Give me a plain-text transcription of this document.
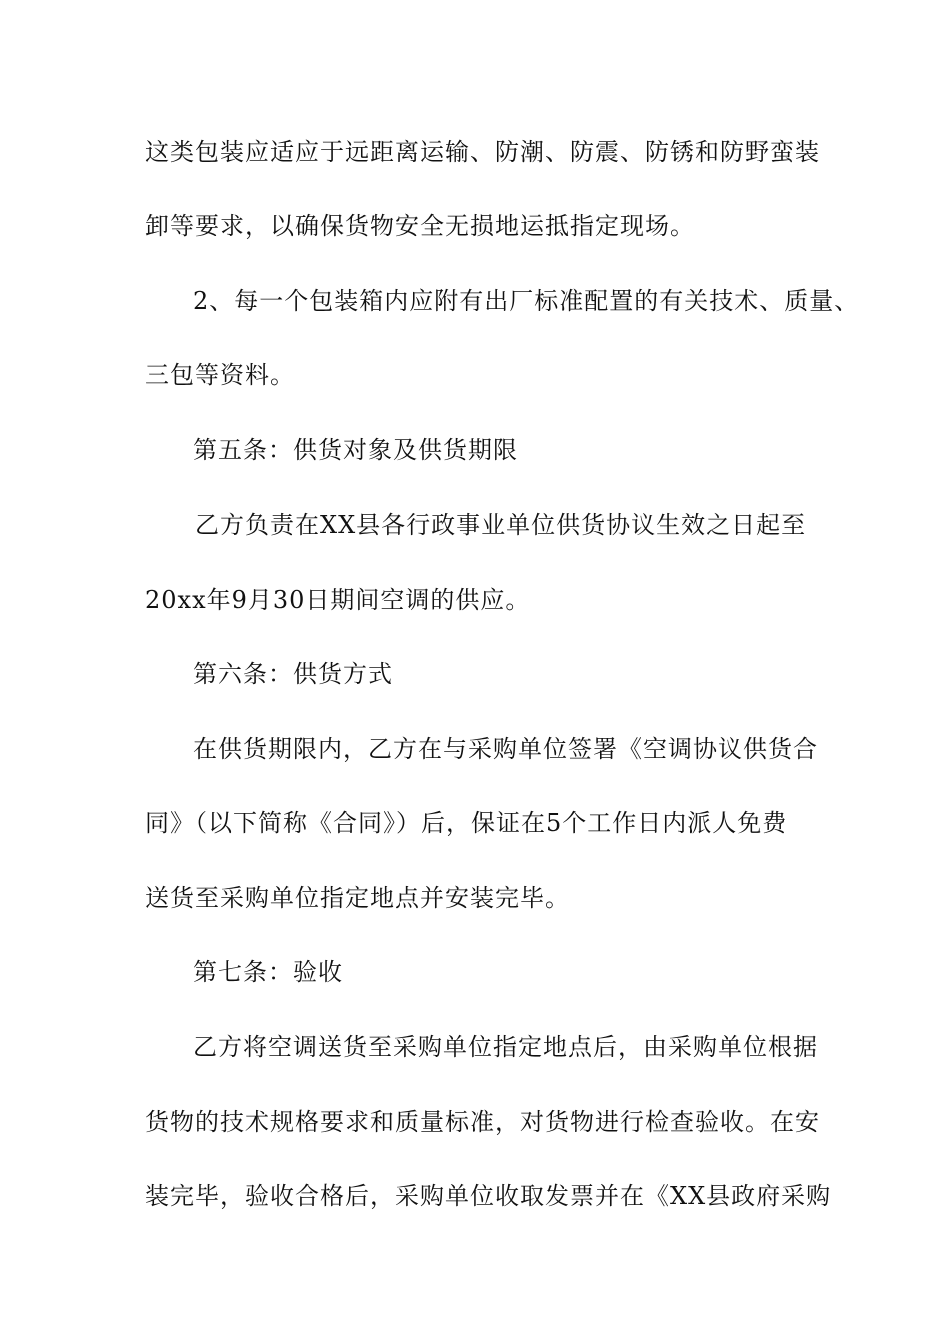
这类包装应适应于远距离运输、防潮、防震、防锈和防野蛮装
卸等要求，以确保货物安全无损地运抵指定现场。
2、每一个包装箱内应附有出厂标准配置的有关技术、质量、
三包等资料。
第五条：供货对象及供货期限
乙方负责在XX县各行政事业单位供货协议生效之日起至
20xx年9月30日期间空调的供应。
第六条：供货方式
在供货期限内，乙方在与采购单位签署《空调协议供货合
同》（以下简称《合同》）后，保证在5个工作日内派人免费
送货至采购单位指定地点并安装完毕。
第七条：验收
乙方将空调送货至采购单位指定地点后，由采购单位根据
货物的技术规格要求和质量标准，对货物进行检查验收。在安
装完毕，验收合格后，采购单位收取发票并在《XX县政府采购
